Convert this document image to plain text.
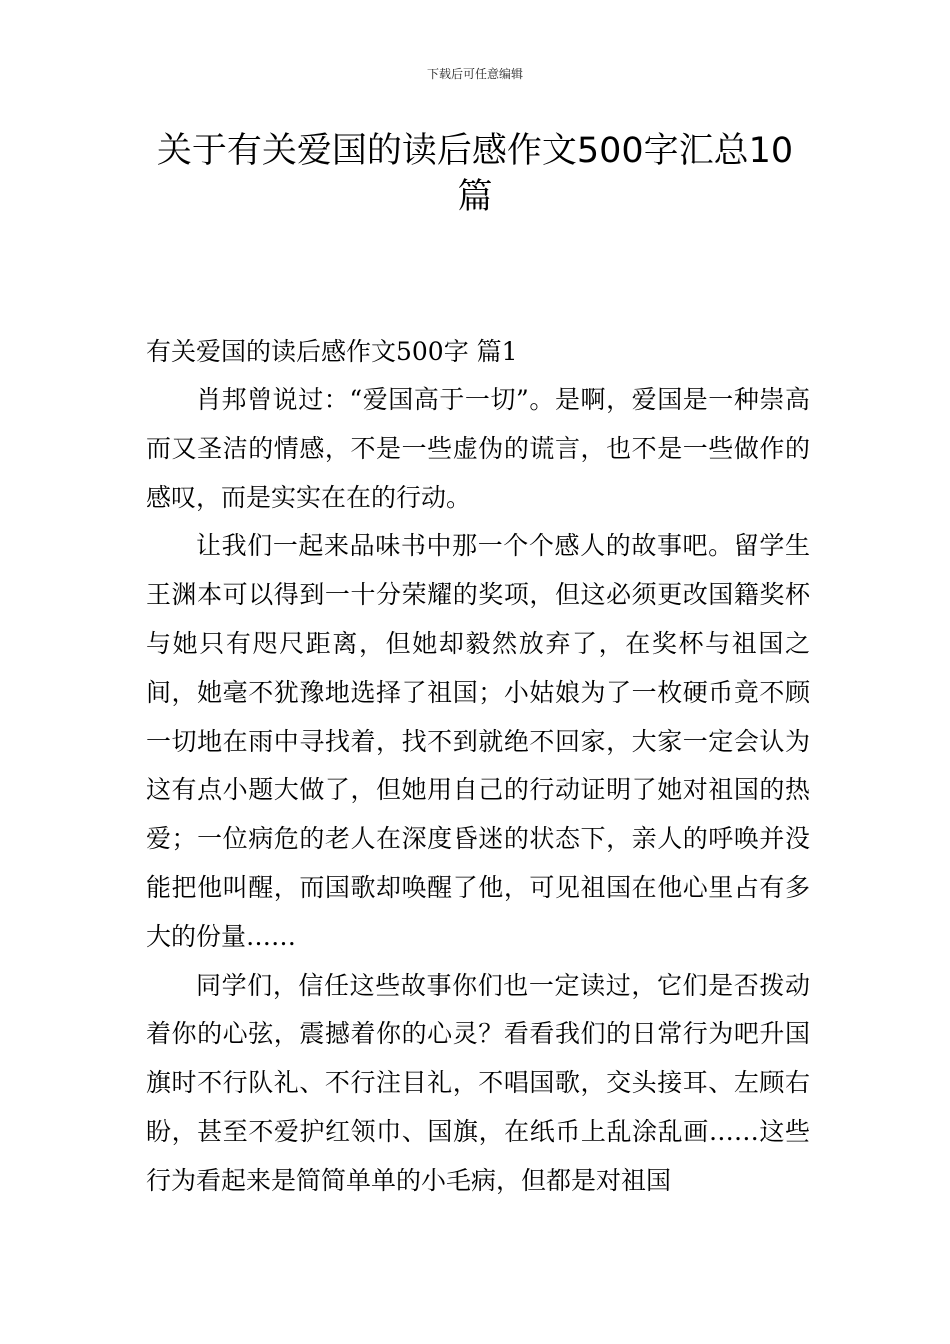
下载后可任意编辑
关于有关爱国的读后感作文500字汇总10篇
有关爱国的读后感作文500字 篇1

肖邦曾说过：“爱国高于一切”。是啊，爱国是一种崇高而又圣洁的情感，不是一些虚伪的谎言，也不是一些做作的感叹，而是实实在在的行动。

让我们一起来品味书中那一个个感人的故事吧。留学生王渊本可以得到一十分荣耀的奖项，但这必须更改国籍奖杯与她只有咫尺距离，但她却毅然放弃了，在奖杯与祖国之间，她毫不犹豫地选择了祖国；小姑娘为了一枚硬币竟不顾一切地在雨中寻找着，找不到就绝不回家，大家一定会认为这有点小题大做了，但她用自己的行动证明了她对祖国的热爱；一位病危的老人在深度昏迷的状态下，亲人的呼唤并没能把他叫醒，而国歌却唤醒了他，可见祖国在他心里占有多大的份量……

同学们，信任这些故事你们也一定读过，它们是否拨动着你的心弦，震撼着你的心灵？看看我们的日常行为吧升国旗时不行队礼、不行注目礼，不唱国歌，交头接耳、左顾右盼，甚至不爱护红领巾、国旗，在纸币上乱涂乱画……这些行为看起来是简简单单的小毛病，但都是对祖国
